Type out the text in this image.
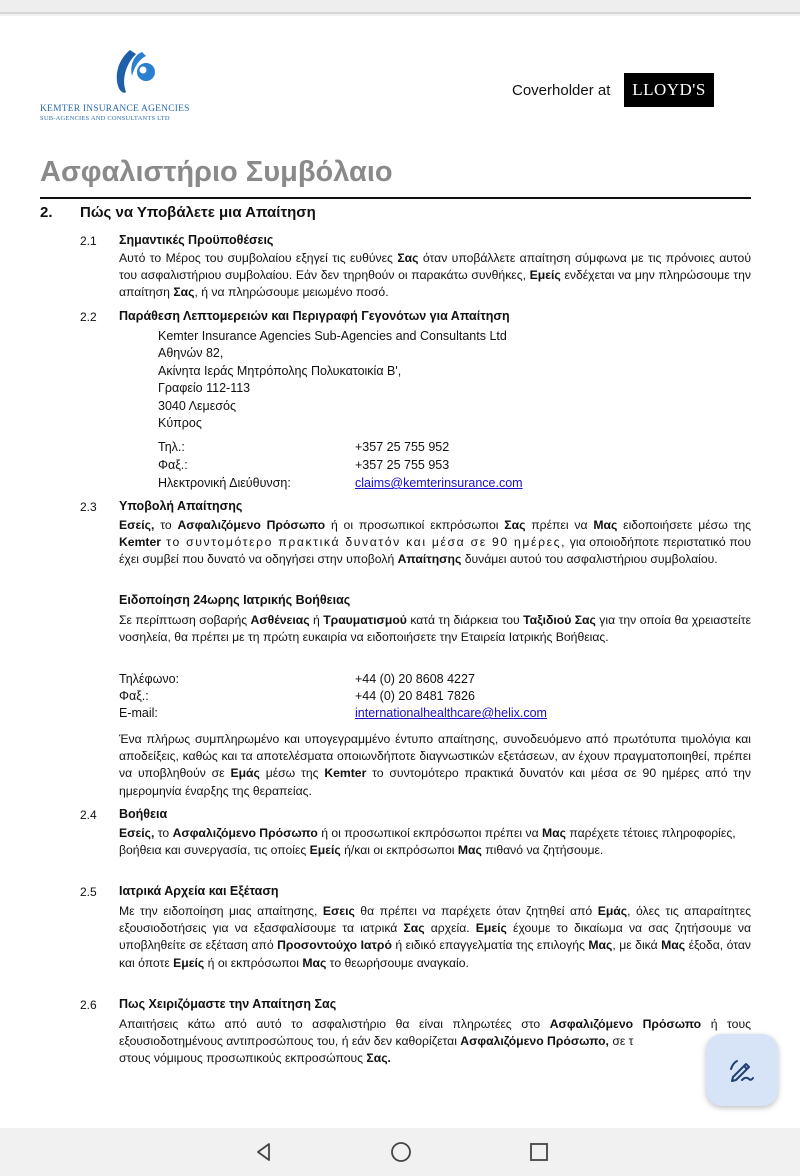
KEMTER INSURANCE AGENCIES
SUB-AGENCIES AND CONSULTANTS LTD
Coverholder at	LLOYD'S
Ασφαλιστήριο Συμβόλαιο
2. Πώς να Υποβάλετε μια Απαίτηση
2.1 Σημαντικές Προϋποθέσεις
Αυτό το Μέρος του συμβολαίου εξηγεί τις ευθύνες Σας όταν υποβάλλετε απαίτηση σύμφωνα με τις πρόνοιες αυτού του ασφαλιστήριου συμβολαίου. Εάν δεν τηρηθούν οι παρακάτω συνθήκες, Εμείς ενδέχεται να μην πληρώσουμε την απαίτηση Σας, ή να πληρώσουμε μειωμένο ποσό.
2.2 Παράθεση Λεπτομερειών και Περιγραφή Γεγονότων για Απαίτηση
Kemter Insurance Agencies Sub-Agencies and Consultants Ltd
Αθηνών 82,
Ακίνητα Ιεράς Μητρόπολης Πολυκατοικία Β',
Γραφείο 112-113
3040 Λεμεσός
Κύπρος
Τηλ.:	+357 25 755 952
Φαξ.:	+357 25 755 953
Ηλεκτρονική Διεύθυνση:	claims@kemterinsurance.com
2.3 Υποβολή Απαίτησης
Εσείς, το Ασφαλιζόμενο Πρόσωπο ή οι προσωπικοί εκπρόσωποι Σας πρέπει να Μας ειδοποιήσετε μέσω της Kemter το συντομότερο πρακτικά δυνατόν και μέσα σε 90 ημέρες, για οποιοδήποτε περιστατικό που έχει συμβεί που δυνατό να οδηγήσει στην υποβολή Απαίτησης δυνάμει αυτού του ασφαλιστήριου συμβολαίου.
Ειδοποίηση 24ωρης Ιατρικής Βοήθειας
Σε περίπτωση σοβαρής Ασθένειας ή Τραυματισμού κατά τη διάρκεια του Ταξιδιού Σας για την οποία θα χρειαστείτε νοσηλεία, θα πρέπει με τη πρώτη ευκαιρία να ειδοποιήσετε την Εταιρεία Ιατρικής Βοήθειας.
Τηλέφωνο:	+44 (0) 20 8608 4227
Φαξ.:	+44 (0) 20 8481 7826
E-mail:	internationalhealthcare@helix.com
Ένα πλήρως συμπληρωμένο και υπογεγραμμένο έντυπο απαίτησης, συνοδευόμενο από πρωτότυπα τιμολόγια και αποδείξεις, καθώς και τα αποτελέσματα οποιωνδήποτε διαγνωστικών εξετάσεων, αν έχουν πραγματοποιηθεί, πρέπει να υποβληθούν σε Εμάς μέσω της Kemter το συντομότερο πρακτικά δυνατόν και μέσα σε 90 ημέρες από την ημερομηνία έναρξης της θεραπείας.
2.4 Βοήθεια
Εσείς, το Ασφαλιζόμενο Πρόσωπο ή οι προσωπικοί εκπρόσωποι πρέπει να Μας παρέχετε τέτοιες πληροφορίες, βοήθεια και συνεργασία, τις οποίες Εμείς ή/και οι εκπρόσωποι Μας πιθανό να ζητήσουμε.
2.5 Ιατρικά Αρχεία και Εξέταση
Με την ειδοποίηση μιας απαίτησης, Εσεις θα πρέπει να παρέχετε όταν ζητηθεί από Εμάς, όλες τις απαραίτητες εξουσιοδοτήσεις για να εξασφαλίσουμε τα ιατρικά Σας αρχεία. Εμείς έχουμε το δικαίωμα να σας ζητήσουμε να υποβληθείτε σε εξέταση από Προσοντούχο Ιατρό ή ειδικό επαγγελματία της επιλογής Μας, με δικά Μας έξοδα, όταν και όποτε Εμείς ή οι εκπρόσωποι Μας το θεωρήσουμε αναγκαίο.
2.6 Πως Χειριζόμαστε την Απαίτηση Σας
Απαιτήσεις κάτω από αυτό το ασφαλιστήριο θα είναι πληρωτέες στο Ασφαλιζόμενο Πρόσωπο ή τους εξουσιοδοτημένους αντιπροσώπους του, ή εάν δεν καθορίζεται Ασφαλιζόμενο Πρόσωπο, σε τ
στους νόμιμους προσωπικούς εκπροσώπους Σας.
